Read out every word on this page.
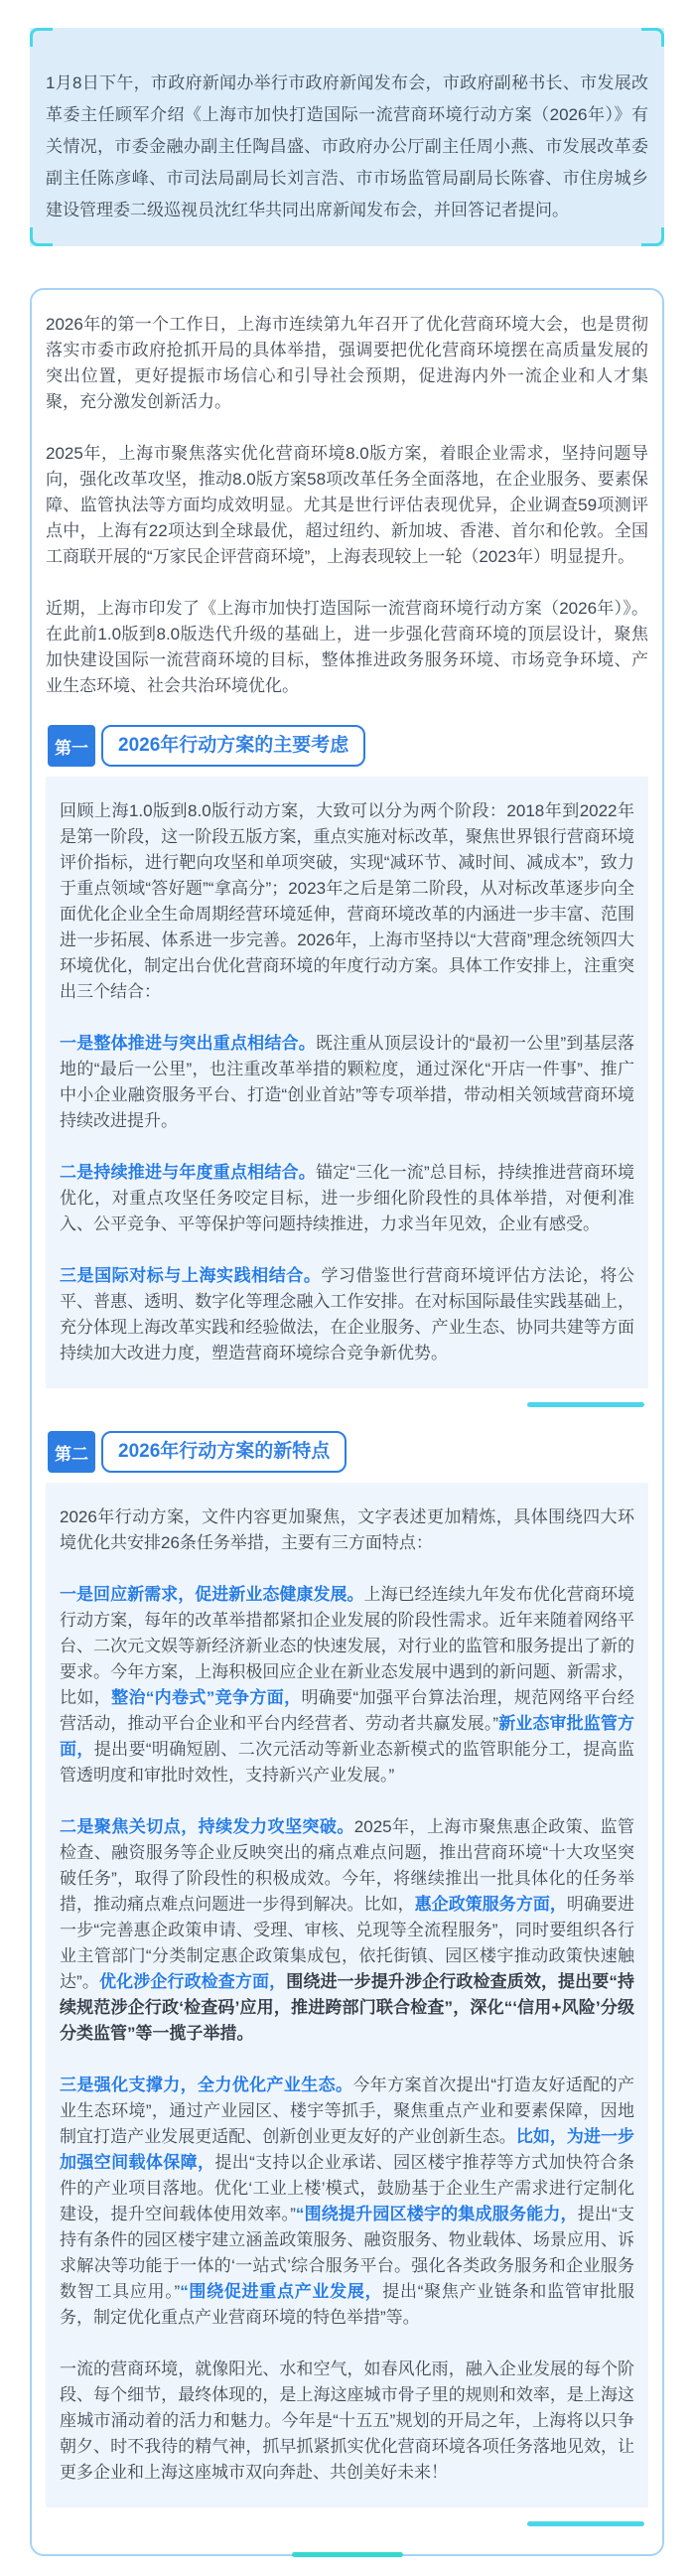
1月8日下午，市政府新闻办举行市政府新闻发布会，市政府副秘书长、市发展改革委主任顾军介绍《上海市加快打造国际一流营商环境行动方案（2026年）》有关情况，市委金融办副主任陶昌盛、市政府办公厅副主任周小燕、市发展改革委副主任陈彦峰、市司法局副局长刘言浩、市市场监管局副局长陈睿、市住房城乡建设管理委二级巡视员沈红华共同出席新闻发布会，并回答记者提问。

2026年的第一个工作日，上海市连续第九年召开了优化营商环境大会，也是贯彻落实市委市政府抢抓开局的具体举措，强调要把优化营商环境摆在高质量发展的突出位置，更好提振市场信心和引导社会预期，促进海内外一流企业和人才集聚，充分激发创新活力。

2025年，上海市聚焦落实优化营商环境8.0版方案，着眼企业需求，坚持问题导向，强化改革攻坚，推动8.0版方案58项改革任务全面落地，在企业服务、要素保障、监管执法等方面均成效明显。尤其是世行评估表现优异，企业调查59项测评点中，上海有22项达到全球最优，超过纽约、新加坡、香港、首尔和伦敦。全国工商联开展的“万家民企评营商环境”，上海表现较上一轮（2023年）明显提升。

近期，上海市印发了《上海市加快打造国际一流营商环境行动方案（2026年）》。在此前1.0版到8.0版迭代升级的基础上，进一步强化营商环境的顶层设计，聚焦加快建设国际一流营商环境的目标，整体推进政务服务环境、市场竞争环境、产业生态环境、社会共治环境优化。

第一	2026年行动方案的主要考虑

回顾上海1.0版到8.0版行动方案，大致可以分为两个阶段：2018年到2022年是第一阶段，这一阶段五版方案，重点实施对标改革，聚焦世界银行营商环境评价指标，进行靶向攻坚和单项突破，实现“减环节、减时间、减成本”，致力于重点领域“答好题”“拿高分”；2023年之后是第二阶段，从对标改革逐步向全面优化企业全生命周期经营环境延伸，营商环境改革的内涵进一步丰富、范围进一步拓展、体系进一步完善。2026年，上海市坚持以“大营商”理念统领四大环境优化，制定出台优化营商环境的年度行动方案。具体工作安排上，注重突出三个结合：

一是整体推进与突出重点相结合。既注重从顶层设计的“最初一公里”到基层落地的“最后一公里”，也注重改革举措的颗粒度，通过深化“开店一件事”、推广中小企业融资服务平台、打造“创业首站”等专项举措，带动相关领域营商环境持续改进提升。

二是持续推进与年度重点相结合。锚定“三化一流”总目标，持续推进营商环境优化，对重点攻坚任务咬定目标，进一步细化阶段性的具体举措，对便利准入、公平竞争、平等保护等问题持续推进，力求当年见效，企业有感受。

三是国际对标与上海实践相结合。学习借鉴世行营商环境评估方法论，将公平、普惠、透明、数字化等理念融入工作安排。在对标国际最佳实践基础上，充分体现上海改革实践和经验做法，在企业服务、产业生态、协同共建等方面持续加大改进力度，塑造营商环境综合竞争新优势。

第二	2026年行动方案的新特点

2026年行动方案，文件内容更加聚焦，文字表述更加精炼，具体围绕四大环境优化共安排26条任务举措，主要有三方面特点：

一是回应新需求，促进新业态健康发展。上海已经连续九年发布优化营商环境行动方案，每年的改革举措都紧扣企业发展的阶段性需求。近年来随着网络平台、二次元文娱等新经济新业态的快速发展，对行业的监管和服务提出了新的要求。今年方案，上海积极回应企业在新业态发展中遇到的新问题、新需求，比如，整治“内卷式”竞争方面，明确要“加强平台算法治理，规范网络平台经营活动，推动平台企业和平台内经营者、劳动者共赢发展。”新业态审批监管方面，提出要“明确短剧、二次元活动等新业态新模式的监管职能分工，提高监管透明度和审批时效性，支持新兴产业发展。”

二是聚焦关切点，持续发力攻坚突破。2025年，上海市聚焦惠企政策、监管检查、融资服务等企业反映突出的痛点难点问题，推出营商环境“十大攻坚突破任务”，取得了阶段性的积极成效。今年，将继续推出一批具体化的任务举措，推动痛点难点问题进一步得到解决。比如，惠企政策服务方面，明确要进一步“完善惠企政策申请、受理、审核、兑现等全流程服务”，同时要组织各行业主管部门“分类制定惠企政策集成包，依托街镇、园区楼宇推动政策快速触达”。优化涉企行政检查方面，围绕进一步提升涉企行政检查质效，提出要“持续规范涉企行政‘检查码’应用，推进跨部门联合检查”，深化“‘信用+风险’分级分类监管”等一揽子举措。

三是强化支撑力，全力优化产业生态。今年方案首次提出“打造友好适配的产业生态环境”，通过产业园区、楼宇等抓手，聚焦重点产业和要素保障，因地制宜打造产业发展更适配、创新创业更友好的产业创新生态。比如，为进一步加强空间载体保障，提出“支持以企业承诺、园区楼宇推荐等方式加快符合条件的产业项目落地。优化‘工业上楼’模式，鼓励基于企业生产需求进行定制化建设，提升空间载体使用效率。”“围绕提升园区楼宇的集成服务能力，提出“支持有条件的园区楼宇建立涵盖政策服务、融资服务、物业载体、场景应用、诉求解决等功能于一体的‘一站式’综合服务平台。强化各类政务服务和企业服务数智工具应用。”“围绕促进重点产业发展，提出“聚焦产业链条和监管审批服务，制定优化重点产业营商环境的特色举措”等。

一流的营商环境，就像阳光、水和空气，如春风化雨，融入企业发展的每个阶段、每个细节，最终体现的，是上海这座城市骨子里的规则和效率，是上海这座城市涌动着的活力和魅力。今年是“十五五”规划的开局之年，上海将以只争朝夕、时不我待的精气神，抓早抓紧抓实优化营商环境各项任务落地见效，让更多企业和上海这座城市双向奔赴、共创美好未来！
